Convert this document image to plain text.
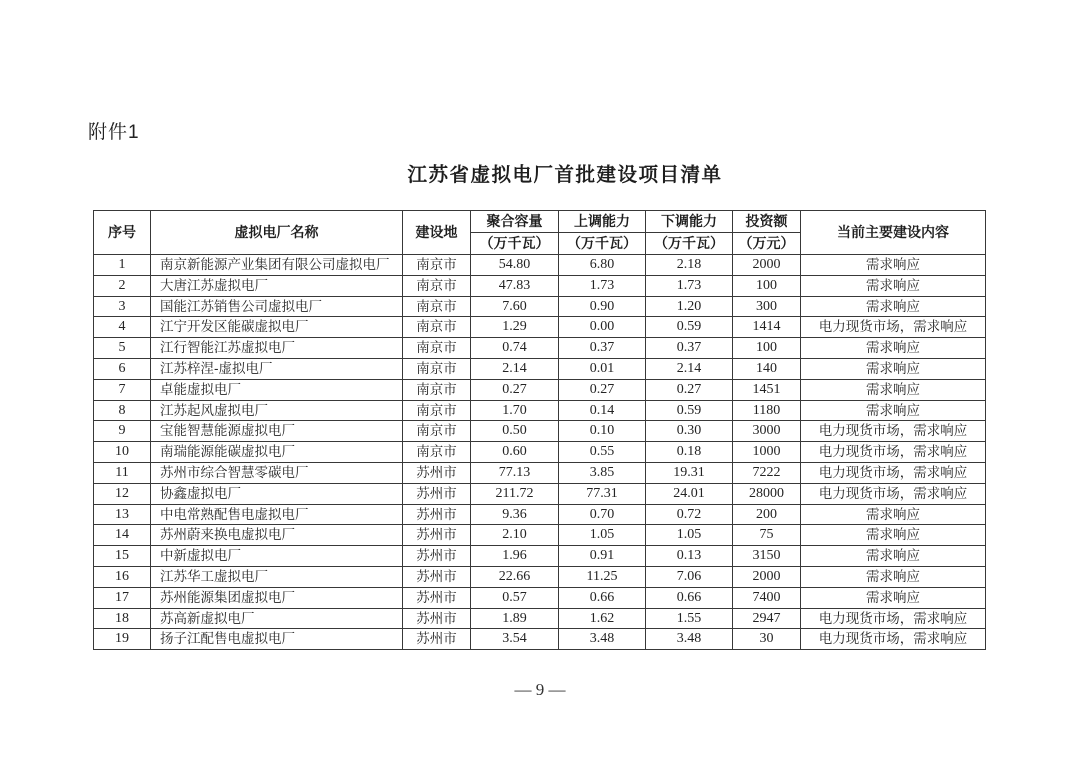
附件1
江苏省虚拟电厂首批建设项目清单
序号	虚拟电厂名称	建设地	聚合容量	上调能力	下调能力	投资额	当前主要建设内容
			（万千瓦）	（万千瓦）	（万千瓦）	（万元）	
1	南京新能源产业集团有限公司虚拟电厂	南京市	54.80	6.80	2.18	2000	需求响应
2	大唐江苏虚拟电厂	南京市	47.83	1.73	1.73	100	需求响应
3	国能江苏销售公司虚拟电厂	南京市	7.60	0.90	1.20	300	需求响应
4	江宁开发区能碳虚拟电厂	南京市	1.29	0.00	0.59	1414	电力现货市场，需求响应
5	江行智能江苏虚拟电厂	南京市	0.74	0.37	0.37	100	需求响应
6	江苏梓涅-虚拟电厂	南京市	2.14	0.01	2.14	140	需求响应
7	卓能虚拟电厂	南京市	0.27	0.27	0.27	1451	需求响应
8	江苏起风虚拟电厂	南京市	1.70	0.14	0.59	1180	需求响应
9	宝能智慧能源虚拟电厂	南京市	0.50	0.10	0.30	3000	电力现货市场，需求响应
10	南瑞能源能碳虚拟电厂	南京市	0.60	0.55	0.18	1000	电力现货市场，需求响应
11	苏州市综合智慧零碳电厂	苏州市	77.13	3.85	19.31	7222	电力现货市场，需求响应
12	协鑫虚拟电厂	苏州市	211.72	77.31	24.01	28000	电力现货市场，需求响应
13	中电常熟配售电虚拟电厂	苏州市	9.36	0.70	0.72	200	需求响应
14	苏州蔚来换电虚拟电厂	苏州市	2.10	1.05	1.05	75	需求响应
15	中新虚拟电厂	苏州市	1.96	0.91	0.13	3150	需求响应
16	江苏华工虚拟电厂	苏州市	22.66	11.25	7.06	2000	需求响应
17	苏州能源集团虚拟电厂	苏州市	0.57	0.66	0.66	7400	需求响应
18	苏高新虚拟电厂	苏州市	1.89	1.62	1.55	2947	电力现货市场，需求响应
19	扬子江配售电虚拟电厂	苏州市	3.54	3.48	3.48	30	电力现货市场，需求响应
— 9 —
